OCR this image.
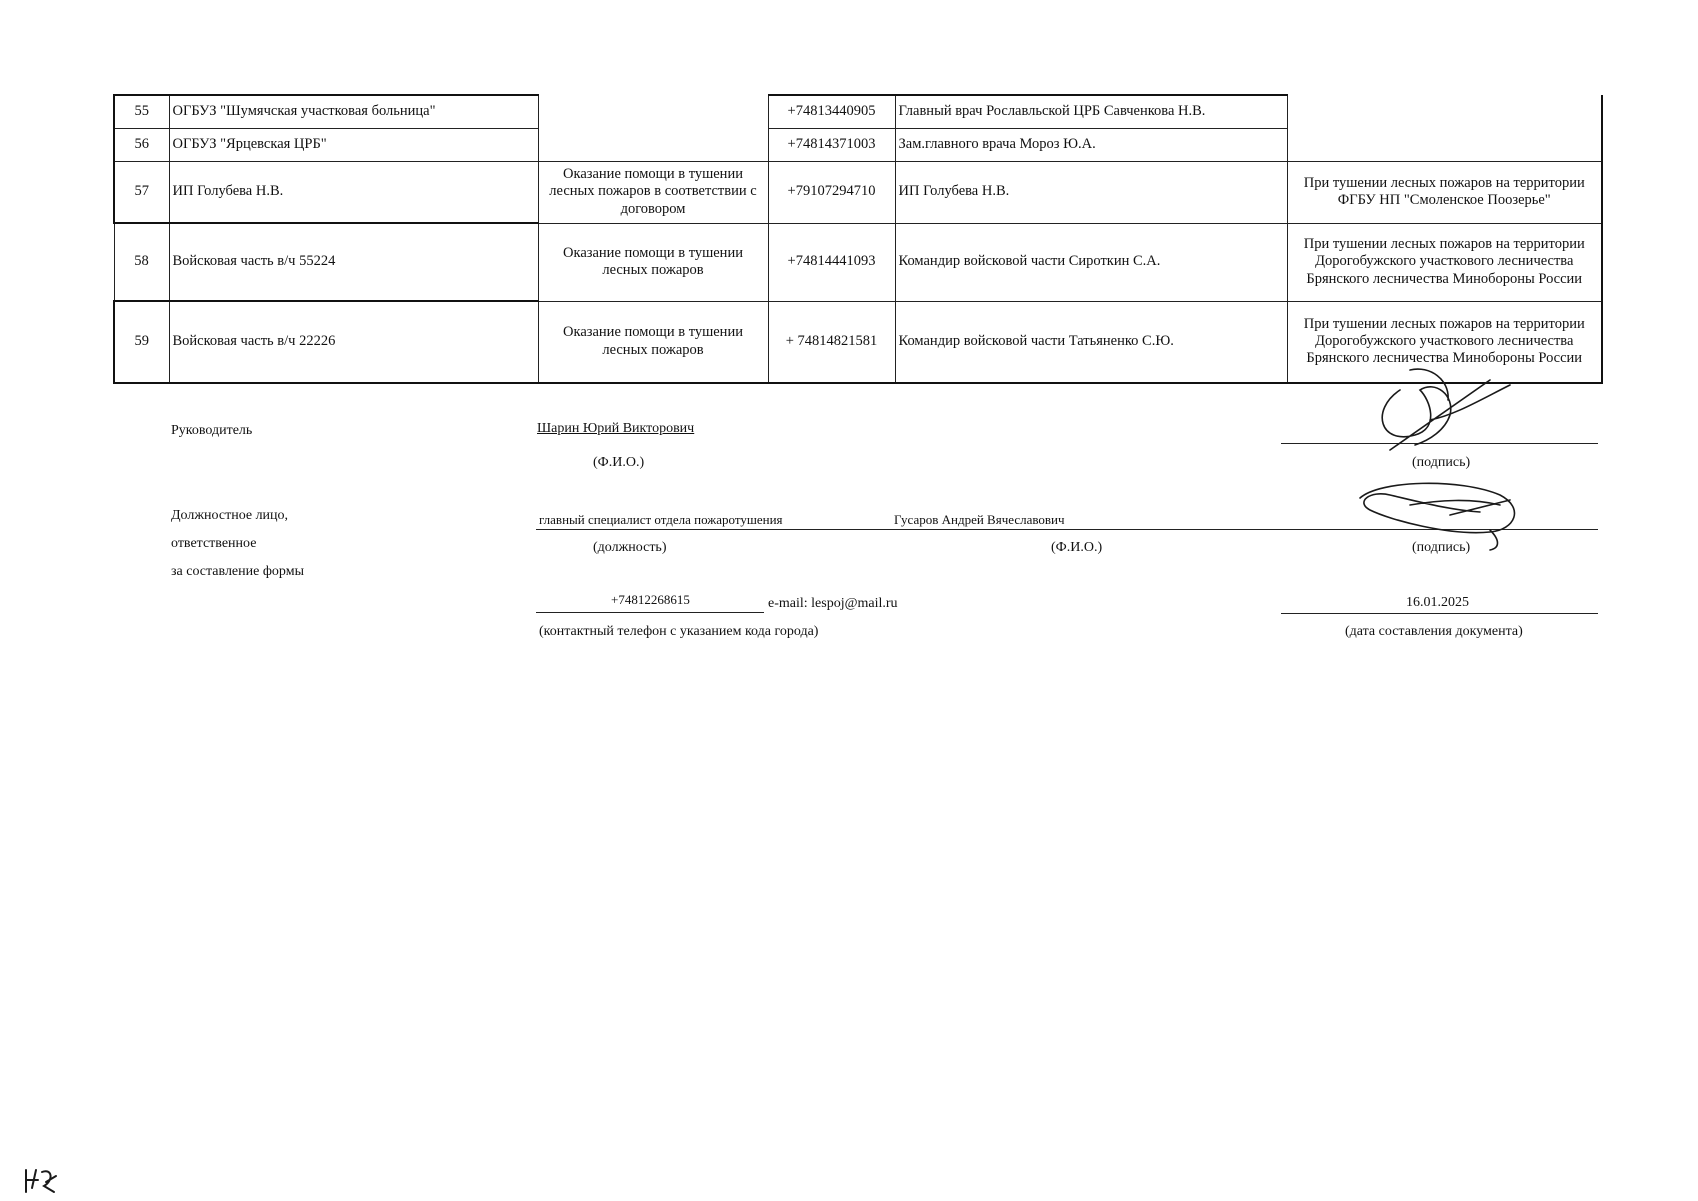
55	ОГБУЗ "Шумячская участковая больница"		+74813440905	Главный врач Рославльской ЦРБ Савченкова Н.В.	
56	ОГБУЗ "Ярцевская ЦРБ"		+74814371003	Зам.главного врача Мороз Ю.А.	
57	ИП Голубева Н.В.	Оказание помощи в тушении лесных пожаров в соответствии с договором	+79107294710	ИП Голубева Н.В.	При тушении лесных пожаров на территории ФГБУ НП "Смоленское Поозерье"
58	Войсковая часть в/ч 55224	Оказание помощи в тушении лесных пожаров	+74814441093	Командир войсковой части Сироткин С.А.	При тушении лесных пожаров на территории Дорогобужского участкового лесничества Брянского лесничества Минобороны России
59	Войсковая часть в/ч 22226	Оказание помощи в тушении лесных пожаров	+ 74814821581	Командир войсковой части Татьяненко С.Ю.	При тушении лесных пожаров на территории Дорогобужского участкового лесничества Брянского лесничества Минобороны России
Руководитель	Шарин Юрий Викторович
(Ф.И.О.)	(подпись)
Должностное лицо,
ответственное
за составление формы
главный специалист отдела пожаротушения	Гусаров Андрей Вячеславович
(должность)	(Ф.И.О.)	(подпись)
+74812268615	e-mail: lespoj@mail.ru
(контактный телефон с указанием кода города)
16.01.2025
(дата составления документа)
